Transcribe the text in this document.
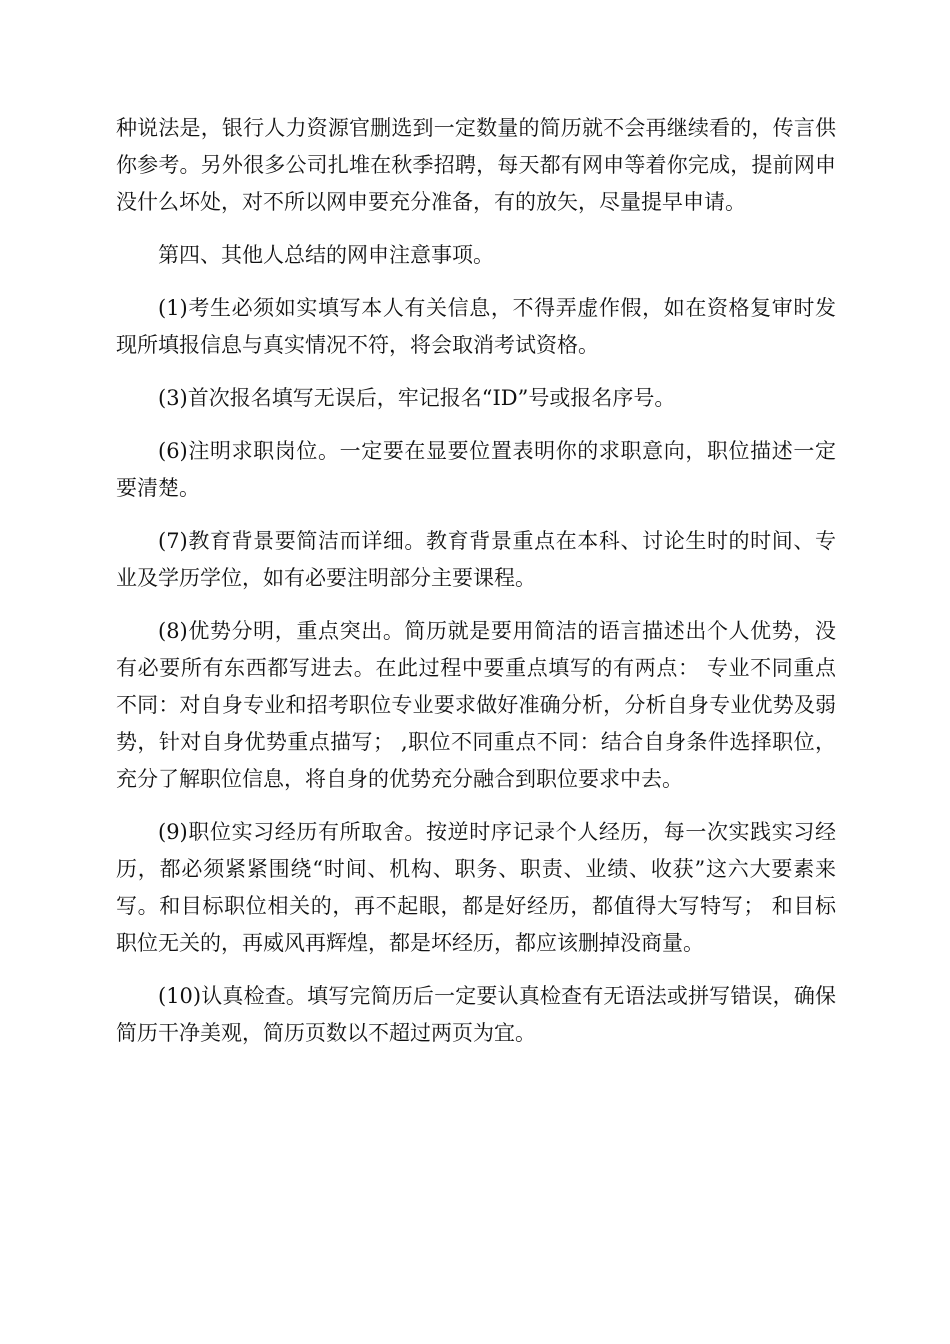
种说法是，银行人力资源官删选到一定数量的简历就不会再继续看的，传言供你参考。另外很多公司扎堆在秋季招聘，每天都有网申等着你完成，提前网申没什么坏处，对不所以网申要充分准备，有的放矢，尽量提早申请。

第四、其他人总结的网申注意事项。

(1)考生必须如实填写本人有关信息，不得弄虚作假，如在资格复审时发现所填报信息与真实情况不符，将会取消考试资格。

(3)首次报名填写无误后，牢记报名“ID”号或报名序号。

(6)注明求职岗位。一定要在显要位置表明你的求职意向，职位描述一定要清楚。

(7)教育背景要简洁而详细。教育背景重点在本科、讨论生时的时间、专业及学历学位，如有必要注明部分主要课程。

(8)优势分明，重点突出。简历就是要用简洁的语言描述出个人优势，没有必要所有东西都写进去。在此过程中要重点填写的有两点： 专业不同重点不同：对自身专业和招考职位专业要求做好准确分析，分析自身专业优势及弱势，针对自身优势重点描写； ,职位不同重点不同：结合自身条件选择职位，充分了解职位信息，将自身的优势充分融合到职位要求中去。

(9)职位实习经历有所取舍。按逆时序记录个人经历，每一次实践实习经历，都必须紧紧围绕“时间、机构、职务、职责、业绩、收获”这六大要素来写。和目标职位相关的，再不起眼，都是好经历，都值得大写特写； 和目标职位无关的，再威风再辉煌，都是坏经历，都应该删掉没商量。

(10)认真检查。填写完简历后一定要认真检查有无语法或拼写错误，确保简历干净美观，简历页数以不超过两页为宜。
